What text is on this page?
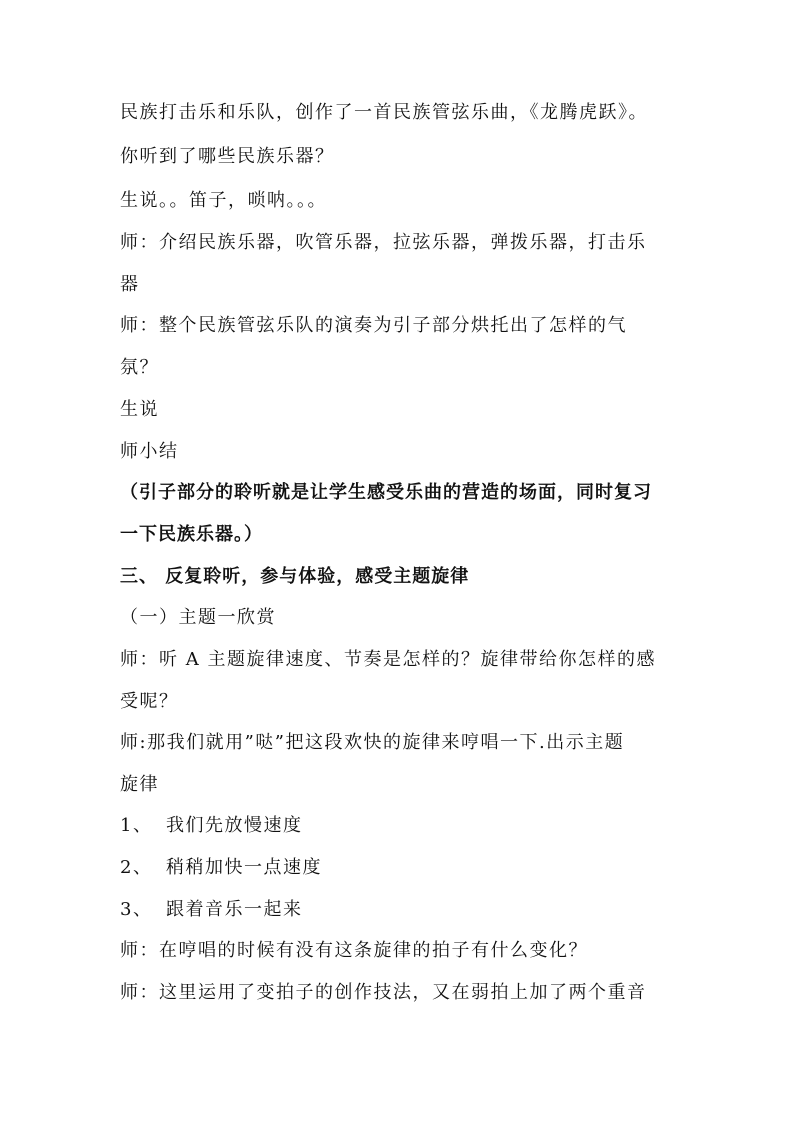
民族打击乐和乐队，创作了一首民族管弦乐曲，《龙腾虎跃》。
你听到了哪些民族乐器？
生说。。笛子，唢呐。。。
师：介绍民族乐器，吹管乐器，拉弦乐器，弹拨乐器，打击乐
器
师：整个民族管弦乐队的演奏为引子部分烘托出了怎样的气
氛？
生说
师小结
（引子部分的聆听就是让学生感受乐曲的营造的场面，同时复习
一下民族乐器。）
三、 反复聆听，参与体验，感受主题旋律
（一）主题一欣赏
师：听 A 主题旋律速度、节奏是怎样的？旋律带给你怎样的感
受呢？
师:那我们就用”哒”把这段欢快的旋律来哼唱一下.出示主题
旋律
1、 我们先放慢速度
2、 稍稍加快一点速度
3、 跟着音乐一起来
师：在哼唱的时候有没有这条旋律的拍子有什么变化？
师：这里运用了变拍子的创作技法，又在弱拍上加了两个重音
